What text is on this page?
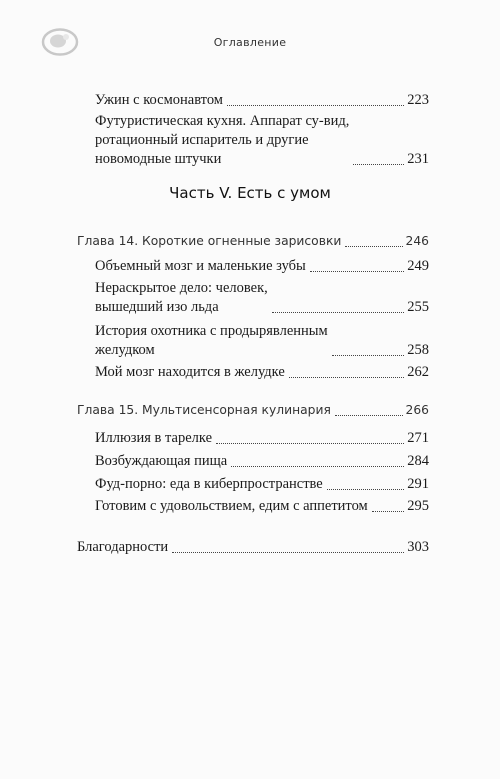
Оглавление
Ужин с космонавтом	223
Футуристическая кухня. Аппарат су-вид,
ротационный испаритель и другие
новомодные штучки	231
Часть V. Есть с умом
Глава 14. Короткие огненные зарисовки	246
Объемный мозг и маленькие зубы	249
Нераскрытое дело: человек,
вышедший изо льда	255
История охотника с продырявленным
желудком	258
Мой мозг находится в желудке	262
Глава 15. Мультисенсорная кулинария	266
Иллюзия в тарелке	271
Возбуждающая пища	284
Фуд-порно: еда в киберпространстве	291
Готовим с удовольствием, едим с аппетитом	295
Благодарности	303
